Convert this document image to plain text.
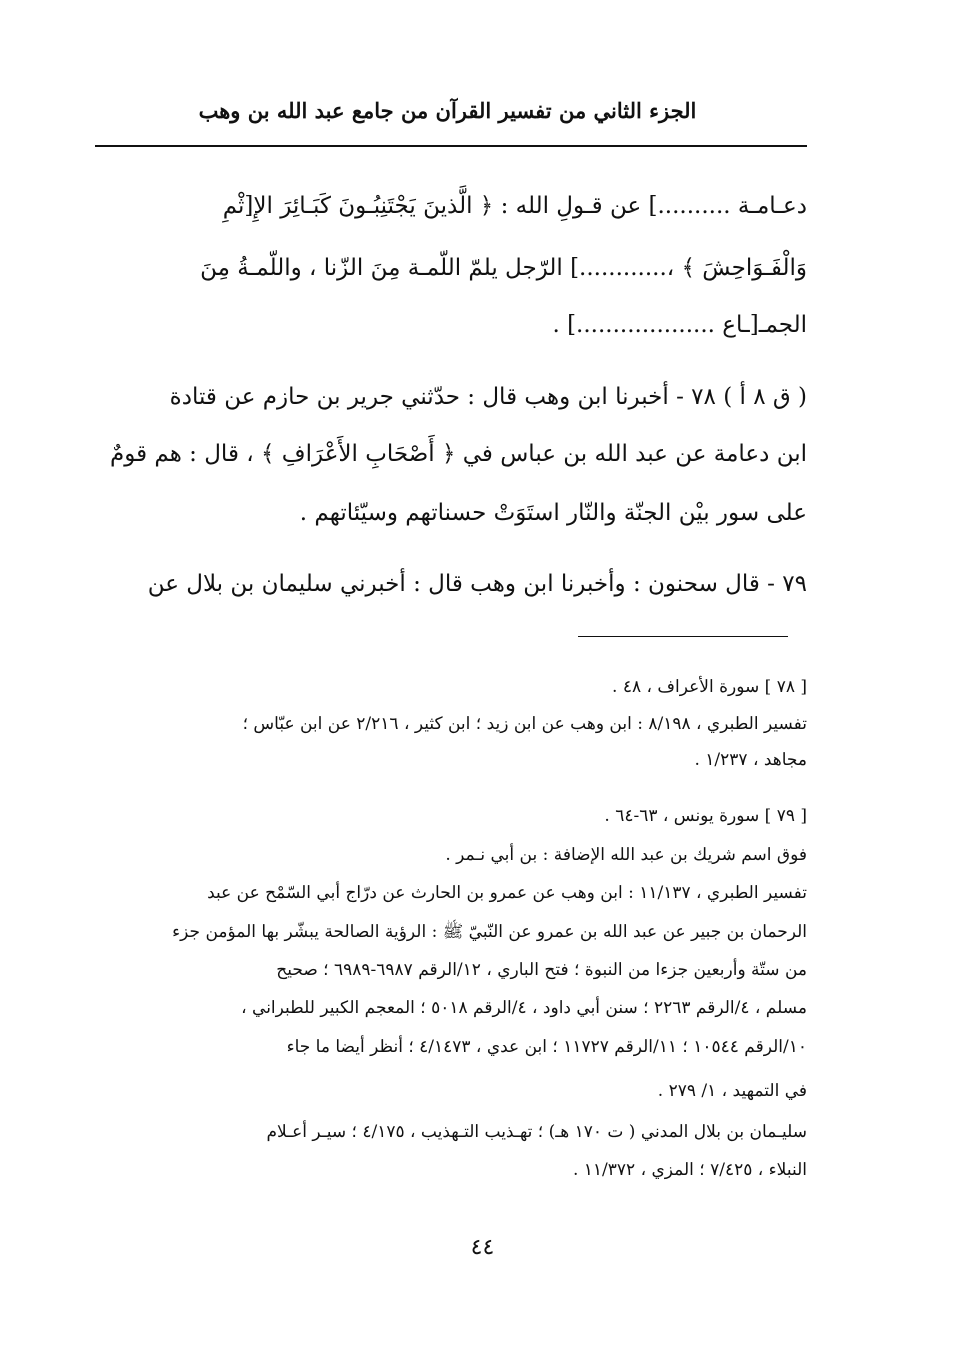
الجزء الثاني من تفسير القرآن من جامع عبد الله بن وهب
دعـامـة ..........] عن قـولِ الله : ﴿ الَّذينَ يَجْتَنِبُـونَ كَبَـائِرَ الإِ[ثْمِ
وَالْفَـوَاحِشَ ﴾ ،............] الرّجل يلمّ اللّمـة مِنَ الزّنا ، واللّمـةُ مِنَ
الجمـ[ـاع ...................] .
( ق ٨ أ ) ٧٨ - أخبرنا ابن وهب قال : حدّثني جرير بن حازم عن قتادة
ابن دعامة عن عبد الله بن عباس في ﴿ أَصْحَابِ الأَعْرَافِ ﴾ ، قال : هم قومٌ
على سور بيْن الجنّة والنّار استَوَتْ حسناتهم وسيّئاتهم .
٧٩ - قال سحنون : وأخبرنا ابن وهب قال : أخبرني سليمان بن بلال عن
[ ٧٨ ] سورة الأعراف ، ٤٨ .
تفسير الطبري ، ٨/١٩٨ : ابن وهب عن ابن زيد ؛ ابن كثير ، ٢/٢١٦ عن ابن عبّاس ؛
مجاهد ، ١/٢٣٧ .
[ ٧٩ ] سورة يونس ، ٦٣-٦٤ .
فوق اسم شريك بن عبد الله الإضافة : بن أبي نـمر .
تفسير الطبري ، ١١/١٣٧ : ابن وهب عن عمرو بن الحارث عن درّاج أبي السّمْح عن عبد
الرحمان بن جبير عن عبد الله بن عمرو عن النّبيّ ﷺ : الرؤية الصالحة يبشّر بها المؤمن جزء
من ستّة وأربعين جزءا من النبوة ؛ فتح الباري ، ١٢/الرقم ٦٩٨٧-٦٩٨٩ ؛ صحيح
مسلم ، ٤/الرقم ٢٢٦٣ ؛ سنن أبي داود ، ٤/الرقم ٥٠١٨ ؛ المعجم الكبير للطبراني ،
١٠/الرقم ١٠٥٤٤ ؛ ١١/الرقم ١١٧٢٧ ؛ ابن عدي ، ٤/١٤٧٣ ؛ أنظر أيضا ما جاء
في التمهيد ، ١/ ٢٧٩ .
سليـمان بن بلال المدني ( ت ١٧٠ هـ) ؛ تهـذيب التـهذيب ، ٤/١٧٥ ؛ سيـر أعـلام
النبلاء ، ٧/٤٢٥ ؛ المزي ، ١١/٣٧٢ .
٤٤
